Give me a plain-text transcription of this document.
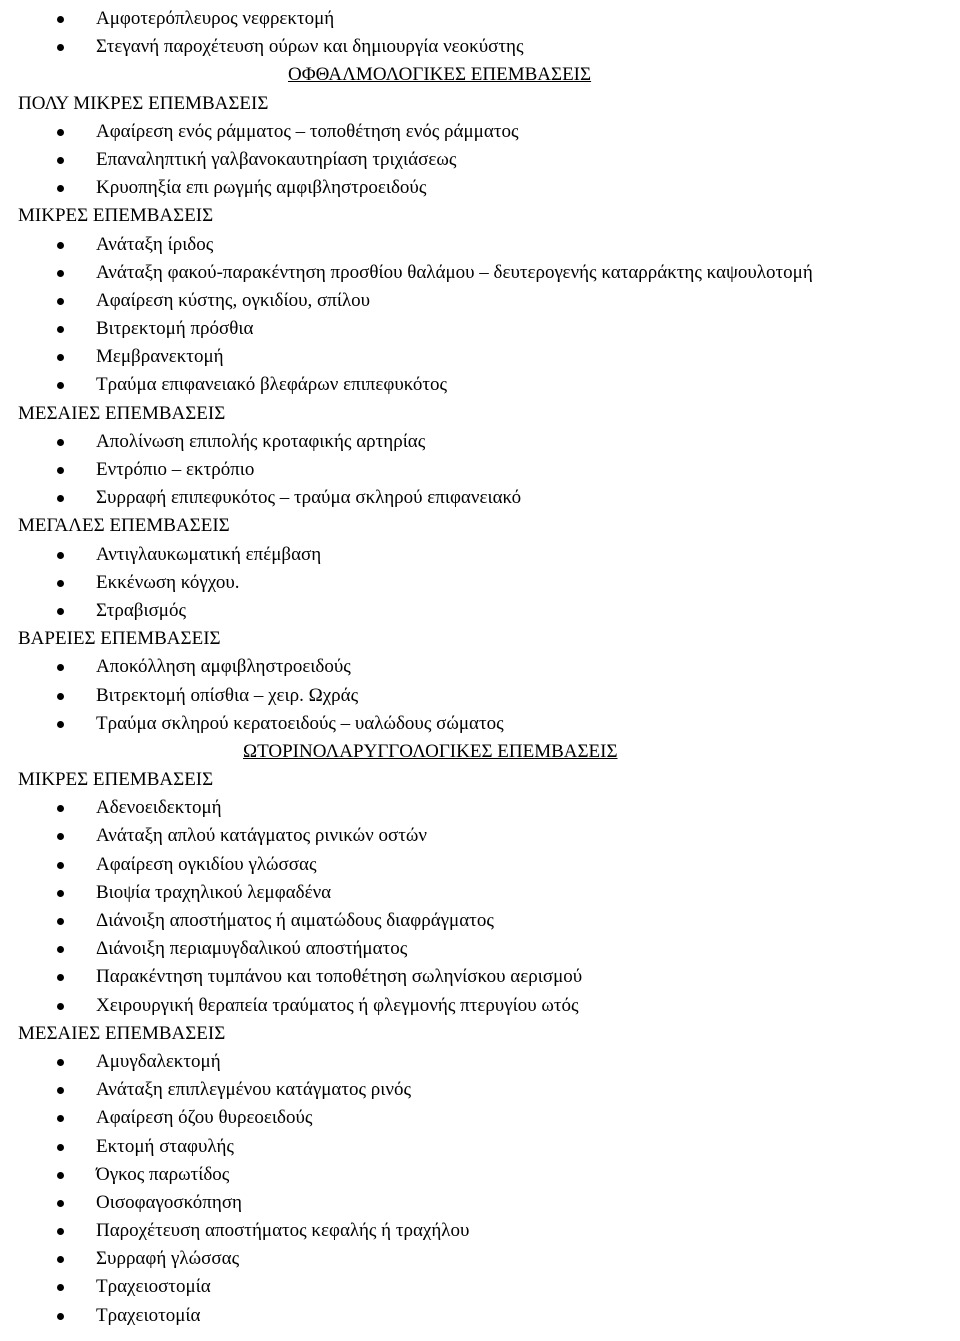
Αμφοτερόπλευρος νεφρεκτομή
Στεγανή παροχέτευση ούρων και δημιουργία νεοκύστης
ΟΦΘΑΛΜΟΛΟΓΙΚΕΣ ΕΠΕΜΒΑΣΕΙΣ
ΠΟΛΥ ΜΙΚΡΕΣ ΕΠΕΜΒΑΣΕΙΣ
Αφαίρεση ενός ράμματος – τοποθέτηση ενός ράμματος
Επαναληπτική γαλβανοκαυτηρίαση τριχιάσεως
Κρυοπηξία επι ρωγμής αμφιβληστροειδούς
ΜΙΚΡΕΣ ΕΠΕΜΒΑΣΕΙΣ
Ανάταξη ίριδος
Ανάταξη φακού-παρακέντηση προσθίου θαλάμου – δευτερογενής καταρράκτης καψουλοτομή
Αφαίρεση κύστης, ογκιδίου, σπίλου
Βιτρεκτομή πρόσθια
Μεμβρανεκτομή
Τραύμα επιφανειακό βλεφάρων επιπεφυκότος
ΜΕΣΑΙΕΣ ΕΠΕΜΒΑΣΕΙΣ
Απολίνωση επιπολής κροταφικής αρτηρίας
Εντρόπιο – εκτρόπιο
Συρραφή επιπεφυκότος – τραύμα σκληρού επιφανειακό
ΜΕΓΑΛΕΣ ΕΠΕΜΒΑΣΕΙΣ
Αντιγλαυκωματική επέμβαση
Εκκένωση κόγχου.
Στραβισμός
ΒΑΡΕΙΕΣ ΕΠΕΜΒΑΣΕΙΣ
Αποκόλληση αμφιβληστροειδούς
Βιτρεκτομή οπίσθια – χειρ. Ωχράς
Τραύμα σκληρού κερατοειδούς – υαλώδους σώματος
ΩΤΟΡΙΝΟΛΑΡΥΓΓΟΛΟΓΙΚΕΣ ΕΠΕΜΒΑΣΕΙΣ
ΜΙΚΡΕΣ ΕΠΕΜΒΑΣΕΙΣ
Αδενοειδεκτομή
Ανάταξη απλού κατάγματος ρινικών οστών
Αφαίρεση ογκιδίου γλώσσας
Βιοψία τραχηλικού λεμφαδένα
Διάνοιξη αποστήματος ή αιματώδους διαφράγματος
Διάνοιξη περιαμυγδαλικού αποστήματος
Παρακέντηση τυμπάνου και τοποθέτηση σωληνίσκου αερισμού
Χειρουργική θεραπεία τραύματος ή φλεγμονής πτερυγίου ωτός
ΜΕΣΑΙΕΣ ΕΠΕΜΒΑΣΕΙΣ
Αμυγδαλεκτομή
Ανάταξη επιπλεγμένου κατάγματος ρινός
Αφαίρεση όζου θυρεοειδούς
Εκτομή σταφυλής
Όγκος παρωτίδος
Οισοφαγοσκόπηση
Παροχέτευση αποστήματος κεφαλής ή τραχήλου
Συρραφή γλώσσας
Τραχειοστομία
Τραχειοτομία
